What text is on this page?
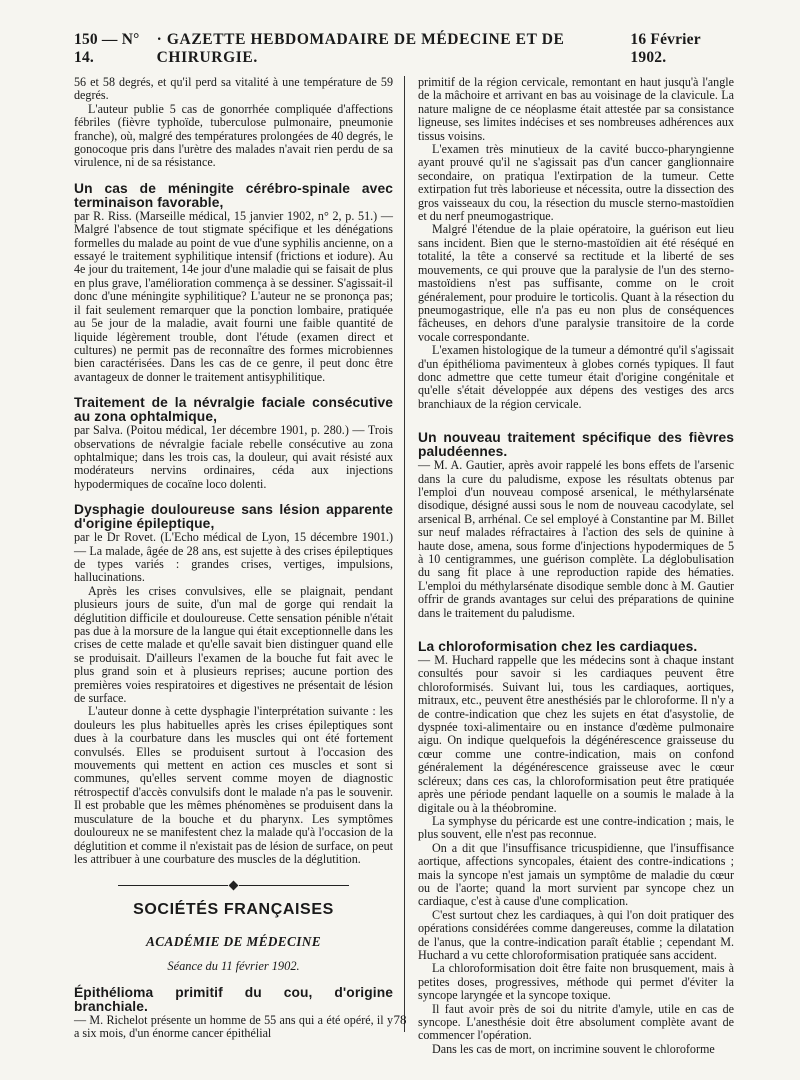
150 — N° 14.
· GAZETTE HEBDOMADAIRE DE MÉDECINE ET DE CHIRURGIE.
16 Février 1902.

56 et 58 degrés, et qu'il perd sa vitalité à une température de 59 degrés.

L'auteur publie 5 cas de gonorrhée compliquée d'affections fébriles (fièvre typhoïde, tuberculose pulmonaire, pneumonie franche), où, malgré des températures prolongées de 40 degrés, le gonocoque pris dans l'urètre des malades n'avait rien perdu de sa virulence, ni de sa résistance.

Un cas de méningite cérébro-spinale avec terminaison favorable,

par R. Riss. (Marseille médical, 15 janvier 1902, n° 2, p. 51.) — Malgré l'absence de tout stigmate spécifique et les dénégations formelles du malade au point de vue d'une syphilis ancienne, on a essayé le traitement syphilitique intensif (frictions et iodure). Au 4e jour du traitement, 14e jour d'une maladie qui se faisait de plus en plus grave, l'amélioration commença à se dessiner. S'agissait-il donc d'une méningite syphilitique? L'auteur ne se prononça pas; il fait seulement remarquer que la ponction lombaire, pratiquée au 5e jour de la maladie, avait fourni une faible quantité de liquide légèrement trouble, dont l'étude (examen direct et cultures) ne permit pas de reconnaître des formes microbiennes bien caractérisées. Dans les cas de ce genre, il peut donc être avantageux de donner le traitement antisyphilitique.

Traitement de la névralgie faciale consécutive au zona ophtalmique,

par Salva. (Poitou médical, 1er décembre 1901, p. 280.) — Trois observations de névralgie faciale rebelle consécutive au zona ophtalmique; dans les trois cas, la douleur, qui avait résisté aux modérateurs nervins ordinaires, céda aux injections hypodermiques de cocaïne loco dolenti.

Dysphagie douloureuse sans lésion apparente d'origine épileptique,

par le Dr Rovet. (L'Echo médical de Lyon, 15 décembre 1901.) — La malade, âgée de 28 ans, est sujette à des crises épileptiques de types variés : grandes crises, vertiges, impulsions, hallucinations.

Après les crises convulsives, elle se plaignait, pendant plusieurs jours de suite, d'un mal de gorge qui rendait la déglutition difficile et douloureuse. Cette sensation pénible n'était pas due à la morsure de la langue qui était exceptionnelle dans les crises de cette malade et qu'elle savait bien distinguer quand elle se produisait. D'ailleurs l'examen de la bouche fut fait avec le plus grand soin et à plusieurs reprises; aucune portion des premières voies respiratoires et digestives ne présentait de lésion de surface.

L'auteur donne à cette dysphagie l'interprétation suivante : les douleurs les plus habituelles après les crises épileptiques sont dues à la courbature dans les muscles qui ont été fortement convulsés. Elles se produisent surtout à l'occasion des mouvements qui mettent en action ces muscles et sont si communes, qu'elles servent comme moyen de diagnostic rétrospectif d'accès convulsifs dont le malade n'a pas le souvenir. Il est probable que les mêmes phénomènes se produisent dans la musculature de la bouche et du pharynx. Les symptômes douloureux ne se manifestent chez la malade qu'à l'occasion de la déglutition et comme il n'existait pas de lésion de surface, on peut les attribuer à une courbature des muscles de la déglutition.

SOCIÉTÉS FRANÇAISES
ACADÉMIE DE MÉDECINE
Séance du 11 février 1902.

Épithélioma primitif du cou, d'origine branchiale.

— M. Richelot présente un homme de 55 ans qui a été opéré, il y a six mois, d'un énorme cancer épithélial

primitif de la région cervicale, remontant en haut jusqu'à l'angle de la mâchoire et arrivant en bas au voisinage de la clavicule. La nature maligne de ce néoplasme était attestée par sa consistance ligneuse, ses limites indécises et ses nombreuses adhérences aux tissus voisins.

L'examen très minutieux de la cavité bucco-pharyngienne ayant prouvé qu'il ne s'agissait pas d'un cancer ganglionnaire secondaire, on pratiqua l'extirpation de la tumeur. Cette extirpation fut très laborieuse et nécessita, outre la dissection des gros vaisseaux du cou, la résection du muscle sterno-mastoïdien et du nerf pneumogastrique.

Malgré l'étendue de la plaie opératoire, la guérison eut lieu sans incident. Bien que le sterno-mastoïdien ait été réséqué en totalité, la tête a conservé sa rectitude et la liberté de ses mouvements, ce qui prouve que la paralysie de l'un des sterno-mastoïdiens n'est pas suffisante, comme on le croit généralement, pour produire le torticolis. Quant à la résection du pneumogastrique, elle n'a pas eu non plus de conséquences fâcheuses, en dehors d'une paralysie transitoire de la corde vocale correspondante.

L'examen histologique de la tumeur a démontré qu'il s'agissait d'un épithélioma pavimenteux à globes cornés typiques. Il faut donc admettre que cette tumeur était d'origine congénitale et qu'elle s'était développée aux dépens des vestiges des arcs branchiaux de la région cervicale.

Un nouveau traitement spécifique des fièvres paludéennes.

— M. A. Gautier, après avoir rappelé les bons effets de l'arsenic dans la cure du paludisme, expose les résultats obtenus par l'emploi d'un nouveau composé arsenical, le méthylarsénate disodique, désigné aussi sous le nom de nouveau cacodylate, sel arsenical B, arrhénal. Ce sel employé à Constantine par M. Billet sur neuf malades réfractaires à l'action des sels de quinine à haute dose, amena, sous forme d'injections hypodermiques de 5 à 10 centigrammes, une guérison complète. La déglobulisation du sang fit place à une reproduction rapide des hématies. L'emploi du méthylarsénate disodique semble donc à M. Gautier offrir de grands avantages sur celui des préparations de quinine dans le traitement du paludisme.

La chloroformisation chez les cardiaques.

— M. Huchard rappelle que les médecins sont à chaque instant consultés pour savoir si les cardiaques peuvent être chloroformisés. Suivant lui, tous les cardiaques, aortiques, mitraux, etc., peuvent être anesthésiés par le chloroforme. Il n'y a de contre-indication que chez les sujets en état d'asystolie, de dyspnée toxi-alimentaire ou en instance d'œdème pulmonaire aigu. On indique quelquefois la dégénérescence graisseuse du cœur comme une contre-indication, mais on confond généralement la dégénérescence graisseuse avec le cœur scléreux; dans ces cas, la chloroformisation peut être pratiquée après une période pendant laquelle on a soumis le malade à la digitale ou à la théobromine.

La symphyse du péricarde est une contre-indication ; mais, le plus souvent, elle n'est pas reconnue.

On a dit que l'insuffisance tricuspidienne, que l'insuffisance aortique, affections syncopales, étaient des contre-indications ; mais la syncope n'est jamais un symptôme de maladie du cœur ou de l'aorte; quand la mort survient par syncope chez un cardiaque, c'est à cause d'une complication.

C'est surtout chez les cardiaques, à qui l'on doit pratiquer des opérations considérées comme dangereuses, comme la dilatation de l'anus, que la contre-indication paraît établie ; cependant M. Huchard a vu cette chloroformisation pratiquée sans accident.

La chloroformisation doit être faite non brusquement, mais à petites doses, progressives, méthode qui permet d'éviter la syncope laryngée et la syncope toxique.

Il faut avoir près de soi du nitrite d'amyle, utile en cas de syncope. L'anesthésie doit être absolument complète avant de commencer l'opération.

Dans les cas de mort, on incrimine souvent le chloroforme

78
